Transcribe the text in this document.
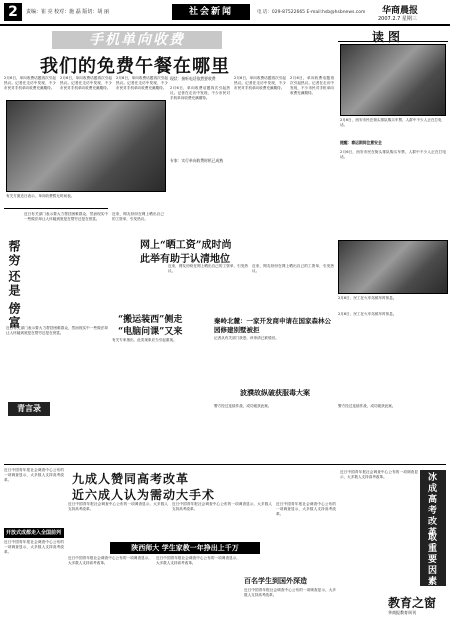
2	责编：崔 亮 校对：施 磊 版切：胡 丽	社会新闻	电 话：029-87522665 E-mail:hsb@hsbnews.com 华商晨报
2007.2.7 星期三
手机单向收费
我们的免费午餐在哪里
2月6日，单向收费话题再次引起热议。记者在走访中发现，不少市民对手机单向收费充满期待。
2月6日，单向收费话题再次引起热议。记者在走访中发现，不少市民对手机单向收费充满期待。
2月6日，单向收费话题再次引起热议。记者在走访中发现，不少市民对手机单向收费充满期待。
现状：接听电话依然要收费
2月6日，单向收费话题再次引起热议。记者在走访中发现，不少市民对手机单向收费充满期待。
专家：实行单向收费时机已成熟
有关方面近日表示，单向收费暂无时间表。
2月6日，单向收费话题再次引起热议。记者在走访中发现，不少市民对手机单向收费充满期待。
2月6日，单向收费话题再次引起热议。记者在走访中发现，不少市民对手机单向收费充满期待。
读图
2月6日，西安市民在街头排队购买车票，人群中不少人正在打电话。
提醒：春运期间注意安全
2月6日，西安市民在街头排队购买车票，人群中不少人正在打电话。
2月6日，民工在火车站候车时休息。
2月6日，民工在火车站候车时休息。
帮穷
还是
傍富
近日有关部门表示要大力帮扶困难群众，然而现实中一些做法却让人怀疑到底是在帮穷还是在傍富。
近日有关部门表示要大力帮扶困难群众，然而现实中一些做法却让人怀疑到底是在帮穷还是在傍富。
青言录
近来，网友纷纷在网上晒出自己的工资单，引发热议。
网上“晒工资”成时尚
此举有助于认清地位
近来，网友纷纷在网上晒出自己的工资单，引发热议。
近来，网友纷纷在网上晒出自己的工资单，引发热议。
“搬运装西”侧走
“电脑问课”又来
有关专家指出，此类现象应当引起重视。
秦岭北麓：一家开发商申请在国家森林公园修建别墅被拒
记者从有关部门获悉，该申请已被驳回。
波濮故纵破获服毒大案
警方经过连续作战，成功破获此案。	警方经过连续作战，成功破获此案。
近日中国青年报社会调查中心公布的一项调查显示，大多数人支持高考改革。	九成人赞同高考改革
近六成人认为需动大手术
近日中国青年报社会调查中心公布的一项调查显示，大多数人支持高考改革。
近日中国青年报社会调查中心公布的一项调查显示，大多数人支持高考改革。
近日中国青年报社会调查中心公布的一项调查显示，大多数人支持高考改革。
开放式成都走入全国前列
近日中国青年报社会调查中心公布的一项调查显示，大多数人支持高考改革。	陕西师大 学生家教一年挣出上千万
近日中国青年报社会调查中心公布的一项调查显示，大多数人支持高考改革。
近日中国青年报社会调查中心公布的一项调查显示，大多数人支持高考改革。
百名学生到国外深造
近日中国青年报社会调查中心公布的一项调查显示，大多数人支持高考改革。
冰成
高考改革
取重要因素
近日中国青年报社会调查中心公布的一项调查显示，大多数人支持高考改革。
教育之窗
华商报教育周刊
